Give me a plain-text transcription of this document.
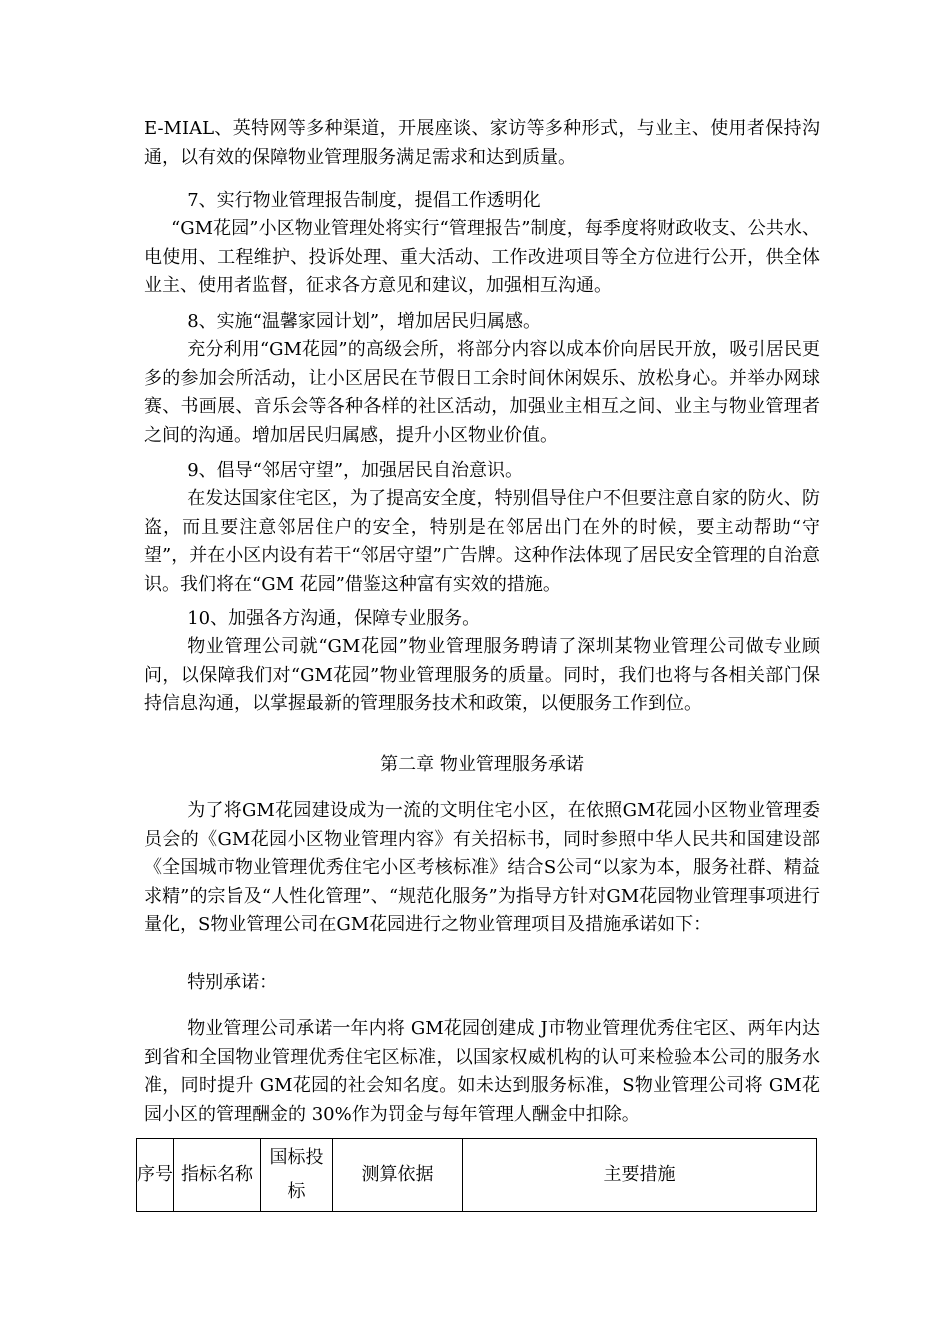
E-MIAL、英特网等多种渠道，开展座谈、家访等多种形式，与业主、使用者保持沟通，以有效的保障物业管理服务满足需求和达到质量。

7、实行物业管理报告制度，提倡工作透明化

“GM花园”小区物业管理处将实行“管理报告”制度，每季度将财政收支、公共水、电使用、工程维护、投诉处理、重大活动、工作改进项目等全方位进行公开，供全体业主、使用者监督，征求各方意见和建议，加强相互沟通。

8、实施“温馨家园计划”，增加居民归属感。

充分利用“GM花园”的高级会所，将部分内容以成本价向居民开放，吸引居民更多的参加会所活动，让小区居民在节假日工余时间休闲娱乐、放松身心。并举办网球赛、书画展、音乐会等各种各样的社区活动，加强业主相互之间、业主与物业管理者之间的沟通。增加居民归属感，提升小区物业价值。

9、倡导“邻居守望”，加强居民自治意识。

在发达国家住宅区，为了提高安全度，特别倡导住户不但要注意自家的防火、防盗，而且要注意邻居住户的安全，特别是在邻居出门在外的时候，要主动帮助“守望”，并在小区内设有若干“邻居守望”广告牌。这种作法体现了居民安全管理的自治意识。我们将在“GM 花园”借鉴这种富有实效的措施。

10、加强各方沟通，保障专业服务。

物业管理公司就“GM花园”物业管理服务聘请了深圳某物业管理公司做专业顾问，以保障我们对“GM花园”物业管理服务的质量。同时，我们也将与各相关部门保持信息沟通，以掌握最新的管理服务技术和政策，以便服务工作到位。

第二章 物业管理服务承诺

为了将GM花园建设成为一流的文明住宅小区，在依照GM花园小区物业管理委员会的《GM花园小区物业管理内容》有关招标书，同时参照中华人民共和国建设部《全国城市物业管理优秀住宅小区考核标准》结合S公司“以家为本，服务社群、精益求精”的宗旨及“人性化管理”、“规范化服务”为指导方针对GM花园物业管理事项进行量化，S物业管理公司在GM花园进行之物业管理项目及措施承诺如下：

特别承诺：

物业管理公司承诺一年内将 GM花园创建成 J市物业管理优秀住宅区、两年内达到省和全国物业管理优秀住宅区标准，以国家权威机构的认可来检验本公司的服务水准，同时提升 GM花园的社会知名度。如未达到服务标准，S物业管理公司将 GM花园小区的管理酬金的 30%作为罚金与每年管理人酬金中扣除。

序号	指标名称	国标投标	测算依据	主要措施
